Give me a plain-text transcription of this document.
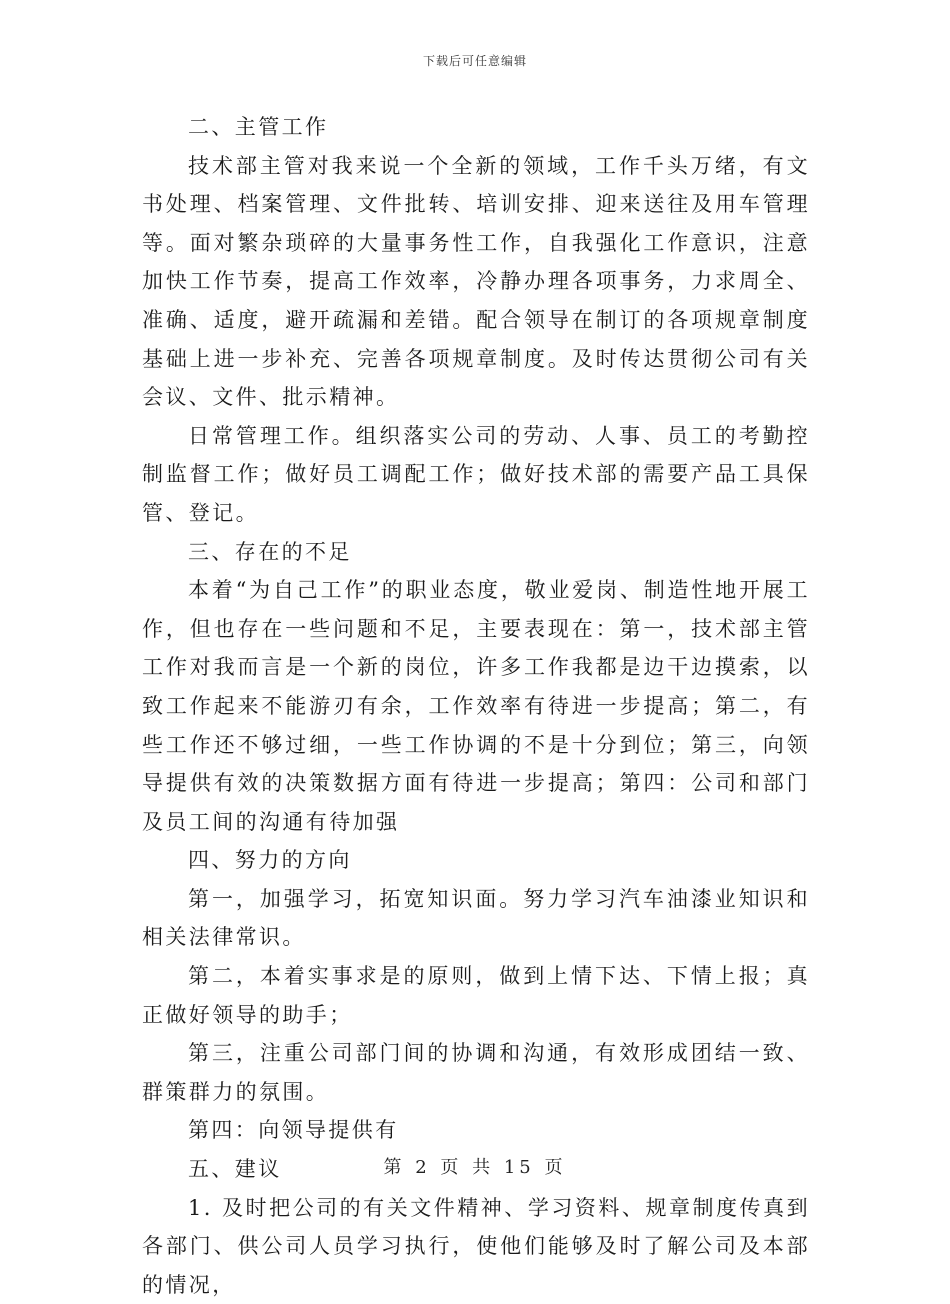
下载后可任意编辑

二、主管工作

技术部主管对我来说一个全新的领域，工作千头万绪，有文书处理、档案管理、文件批转、培训安排、迎来送往及用车管理等。面对繁杂琐碎的大量事务性工作，自我强化工作意识，注意加快工作节奏，提高工作效率，冷静办理各项事务，力求周全、准确、适度，避开疏漏和差错。配合领导在制订的各项规章制度基础上进一步补充、完善各项规章制度。及时传达贯彻公司有关会议、文件、批示精神。

日常管理工作。组织落实公司的劳动、人事、员工的考勤控制监督工作；做好员工调配工作；做好技术部的需要产品工具保管、登记。

三、存在的不足

本着“为自己工作”的职业态度，敬业爱岗、制造性地开展工作，但也存在一些问题和不足，主要表现在：第一，技术部主管工作对我而言是一个新的岗位，许多工作我都是边干边摸索，以致工作起来不能游刃有余，工作效率有待进一步提高；第二，有些工作还不够过细，一些工作协调的不是十分到位；第三，向领导提供有效的决策数据方面有待进一步提高；第四：公司和部门及员工间的沟通有待加强

四、努力的方向

第一，加强学习，拓宽知识面。努力学习汽车油漆业知识和相关法律常识。

第二，本着实事求是的原则，做到上情下达、下情上报；真正做好领导的助手；

第三，注重公司部门间的协调和沟通，有效形成团结一致、群策群力的氛围。

第四：向领导提供有

五、建议

1. 及时把公司的有关文件精神、学习资料、规章制度传真到各部门、供公司人员学习执行，使他们能够及时了解公司及本部的情况，

第 2 页 共 15 页
